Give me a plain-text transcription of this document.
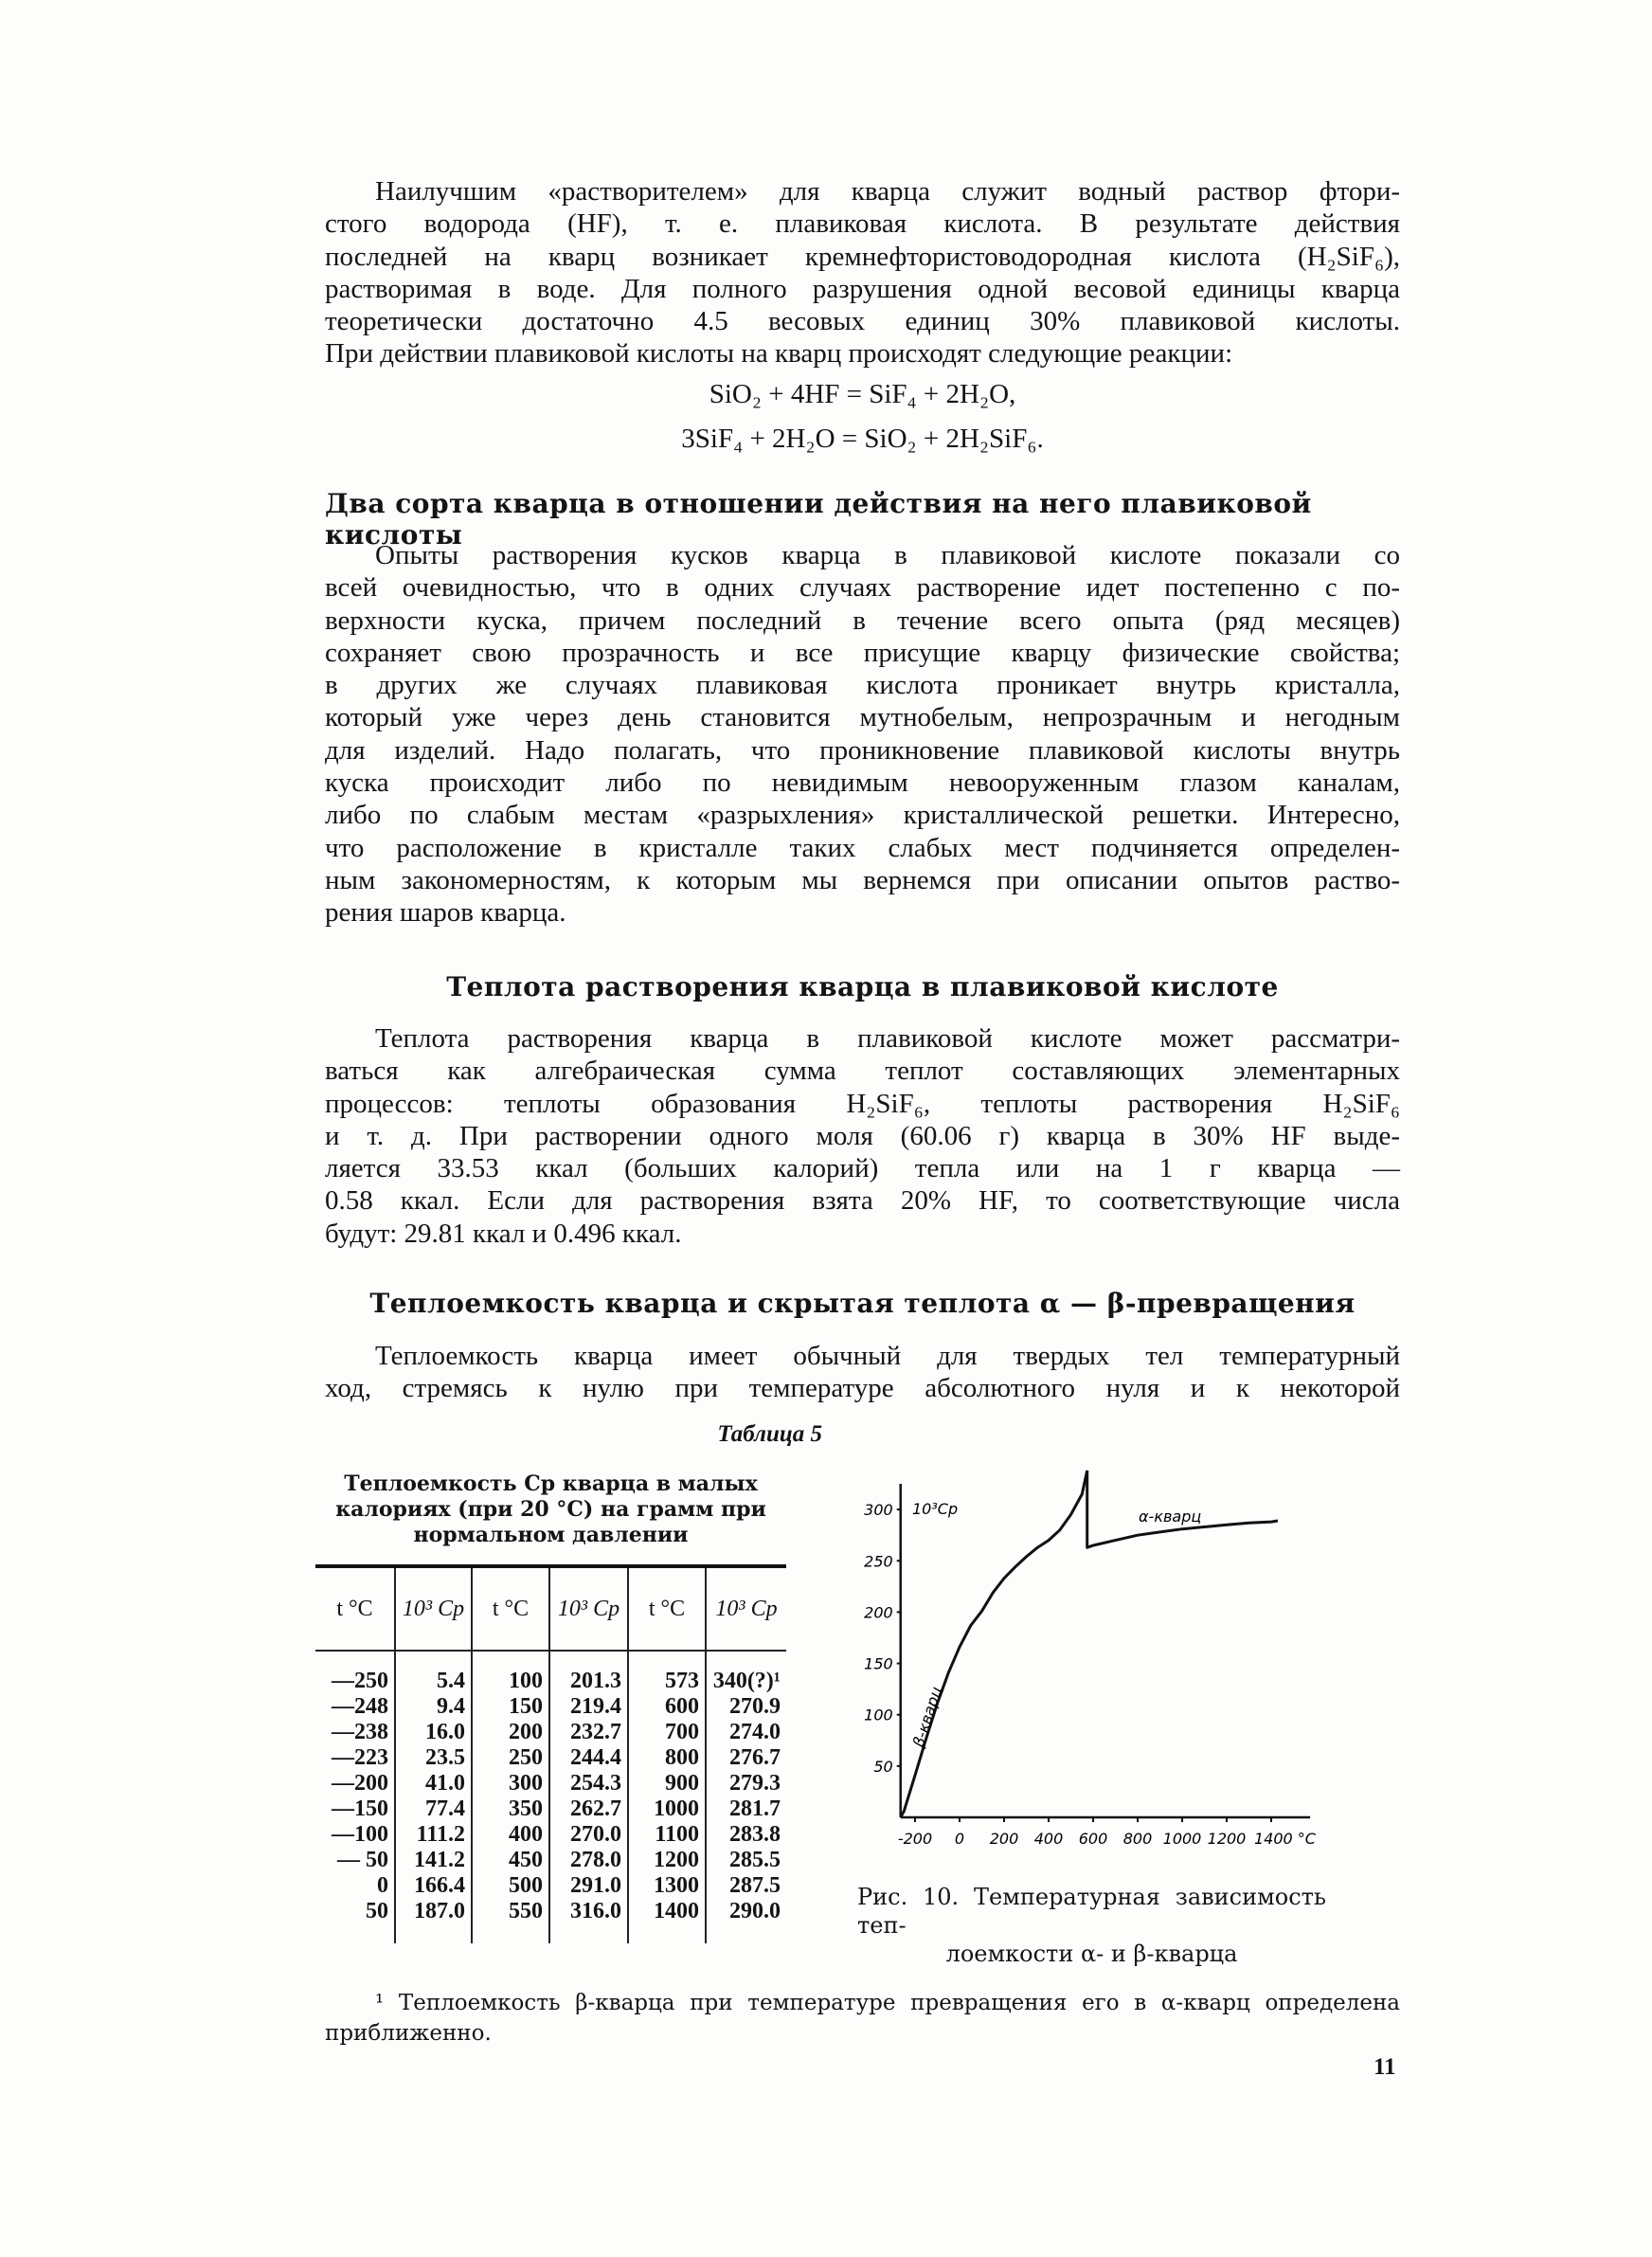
Наилучшим «растворителем» для кварца служит водный раствор фтори-
стого водорода (HF), т. е. плавиковая кислота. В результате действия
последней на кварц возникает кремнефтористоводородная кислота (H₂SiF₆),
растворимая в воде. Для полного разрушения одной весовой единицы кварца
теоретически достаточно 4.5 весовых единиц 30% плавиковой кислоты.
При действии плавиковой кислоты на кварц происходят следующие реакции:
SiO₂ + 4HF = SiF₄ + 2H₂O,
3SiF₄ + 2H₂O = SiO₂ + 2H₂SiF₆.
Два сорта кварца в отношении действия на него плавиковой кислоты
Опыты растворения кусков кварца в плавиковой кислоте показали со
всей очевидностью, что в одних случаях растворение идет постепенно с по-
верхности куска, причем последний в течение всего опыта (ряд месяцев)
сохраняет свою прозрачность и все присущие кварцу физические свойства;
в других же случаях плавиковая кислота проникает внутрь кристалла,
который уже через день становится мутнобелым, непрозрачным и негодным
для изделий. Надо полагать, что проникновение плавиковой кислоты внутрь
куска происходит либо по невидимым невооруженным глазом каналам,
либо по слабым местам «разрыхления» кристаллической решетки. Интересно,
что расположение в кристалле таких слабых мест подчиняется определен-
ным закономерностям, к которым мы вернемся при описании опытов раство-
рения шаров кварца.
Теплота растворения кварца в плавиковой кислоте
Теплота растворения кварца в плавиковой кислоте может рассматри-
ваться как алгебраическая сумма теплот составляющих элементарных
процессов: теплоты образования H₂SiF₆, теплоты растворения H₂SiF₆
и т. д. При растворении одного моля (60.06 г) кварца в 30% HF выде-
ляется 33.53 ккал (больших калорий) тепла или на 1 г кварца —
0.58 ккал. Если для растворения взята 20% HF, то соответствующие числа
будут: 29.81 ккал и 0.496 ккал.
Теплоемкость кварца и скрытая теплота α — β-превращения
Теплоемкость кварца имеет обычный для твердых тел температурный
ход, стремясь к нулю при температуре абсолютного нуля и к некоторой
Таблица 5
Теплоемкость Cp кварца в малых калориях (при 20 °C) на грамм при нормальном давлении
t °C	10³ Cp	t °C	10³ Cp	t °C	10³ Cp
—250	5.4	100	201.3	573	340(?)¹
—248	9.4	150	219.4	600	270.9
—238	16.0	200	232.7	700	274.0
—223	23.5	250	244.4	800	276.7
—200	41.0	300	254.3	900	279.3
—150	77.4	350	262.7	1000	281.7
—100	111.2	400	270.0	1100	283.8
— 50	141.2	450	278.0	1200	285.5
0	166.4	500	291.0	1300	287.5
50	187.0	550	316.0	1400	290.0
50
100
150
200
250
300
-200 0 200 400 600 800 1000 1200 1400 °C
10³Cp	α-кварц
β-кварц
Рис. 10. Температурная зависимость теп-
лоемкости α- и β-кварца
¹ Теплоемкость β-кварца при температуре превращения его в α-кварц определена
приближенно.
11
